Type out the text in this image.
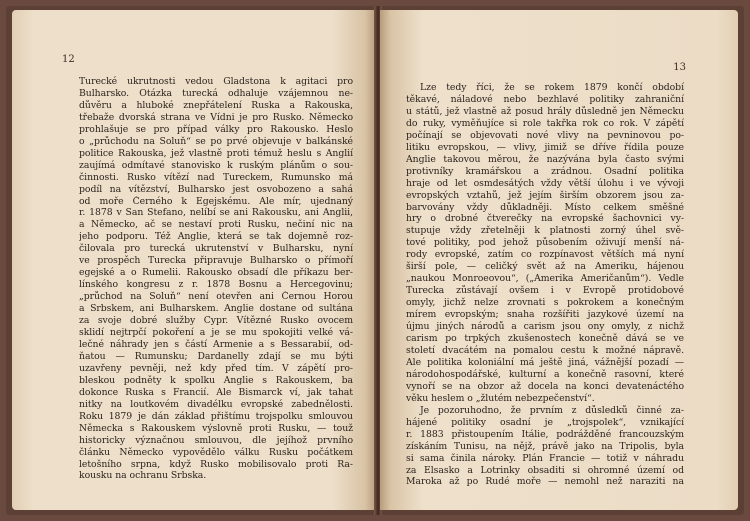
12
Turecké ukrutnosti vedou Gladstona k agitaci pro
Bulharsko. Otázka turecká odhaluje vzájemnou ne-
důvěru a hluboké znepřátelení Ruska a Rakouska,
třebaže dvorská strana ve Vídni je pro Rusko. Německo
prohlašuje se pro případ války pro Rakousko. Heslo
o „průchodu na Soluň“ se po prvé objevuje v balkánské
politice Rakouska, jež vlastně proti témuž heslu s Anglií
zaujímá odmítavé stanovisko k ruským plánům o sou-
činnosti. Rusko vítězí nad Tureckem, Rumunsko má
podíl na vítězství, Bulharsko jest osvobozeno a sahá
od moře Černého k Egejskému. Ale mír, ujednaný
r. 1878 v San Stefano, nelíbí se ani Rakousku, ani Anglii,
a Německo, ač se nestaví proti Rusku, nečiní nic na
jeho podporu. Též Anglie, která se tak dojemně roz-
čilovala pro turecká ukrutenství v Bulharsku, nyní
ve prospěch Turecka připravuje Bulharsko o přímoří
egejské a o Rumelii. Rakousko obsadí dle příkazu ber-
línského kongresu z r. 1878 Bosnu a Hercegovinu;
„průchod na Soluň“ není otevřen ani Černou Horou
a Srbskem, ani Bulharskem. Anglie dostane od sultána
za svoje dobré služby Cypr. Vítězné Rusko ovocem
sklidí nejtrpčí pokoření a je se mu spokojiti velké vá-
lečné náhrady jen s částí Armenie a s Bessarabií, od-
ňatou — Rumunsku; Dardanelly zdají se mu býti
uzavřeny pevněji, než kdy před tím. V zápětí pro-
bleskou podněty k spolku Anglie s Rakouskem, ba
dokonce Ruska s Francií. Ale Bismarck ví, jak tahat
nitky na loutkovém divadélku evropské zabednělosti.
Roku 1879 je dán základ přištímu trojspolku smlouvou
Německa s Rakouskem výslovně proti Rusku, — touž
historicky význačnou smlouvou, dle jejíhož prvního
článku Německo vypovědělo válku Rusku počátkem
letošního srpna, když Rusko mobilisovalo proti Ra-
kousku na ochranu Srbska.
13
Lze tedy říci, že se rokem 1879 končí období
těkavé, náladové nebo bezhlavé politiky zahraniční
u států, jež vlastně až posud hrály důsledně jen Německu
do ruky, vyměňujíce si role takřka rok co rok. V zápětí
počínají se objevovati nové vlivy na pevninovou po-
litiku evropskou, — vlivy, jimiž se dříve řídila pouze
Anglie takovou měrou, že nazývána byla často svými
protivníky kramářskou a zrádnou. Osadní politika
hraje od let osmdesátých vždy větší úlohu i ve vývoji
evropských vztahů, jež jejím širším obzorem jsou za-
barvovány vždy důkladněji. Místo celkem směšné
hry o drobné čtverečky na evropské šachovnici vy-
stupuje vždy zřetelněji k platnosti zorný úhel svě-
tové politiky, pod jehož působením oživují menší ná-
rody evropské, zatím co rozpínavost větších má nyní
širší pole, — celičký svět až na Ameriku, hájenou
„naukou Monroeovou“, („Amerika Američanům“). Vedle
Turecka zůstávají ovšem i v Evropě protidobové
omyly, jichž nelze zrovnati s pokrokem a konečným
mírem evropským; snaha rozšířiti jazykové území na
újmu jiných národů a carism jsou ony omyly, z nichž
carism po trpkých zkušenostech konečně dává se ve
století dvacátém na pomalou cestu k možné nápravě.
Ale politika koloniální má ještě jiná, vážnější pozadí —
národohospodářské, kulturní a konečně rasovní, které
vynoří se na obzor až docela na konci devatenáctého
věku heslem o „žlutém nebezpečenství“.
Je pozoruhodno, že prvním z důsledků činné za-
hájené politiky osadní je „trojspolek“, vznikající
r. 1883 přistoupením Itálie, podrážděné francouzským
získáním Tunisu, na nějž, právě jako na Tripolis, byla
si sama činila nároky. Plán Francie — totiž v náhradu
za Elsasko a Lotrinky obsaditi si ohromné území od
Maroka až po Rudé moře — nemohl než naraziti na
